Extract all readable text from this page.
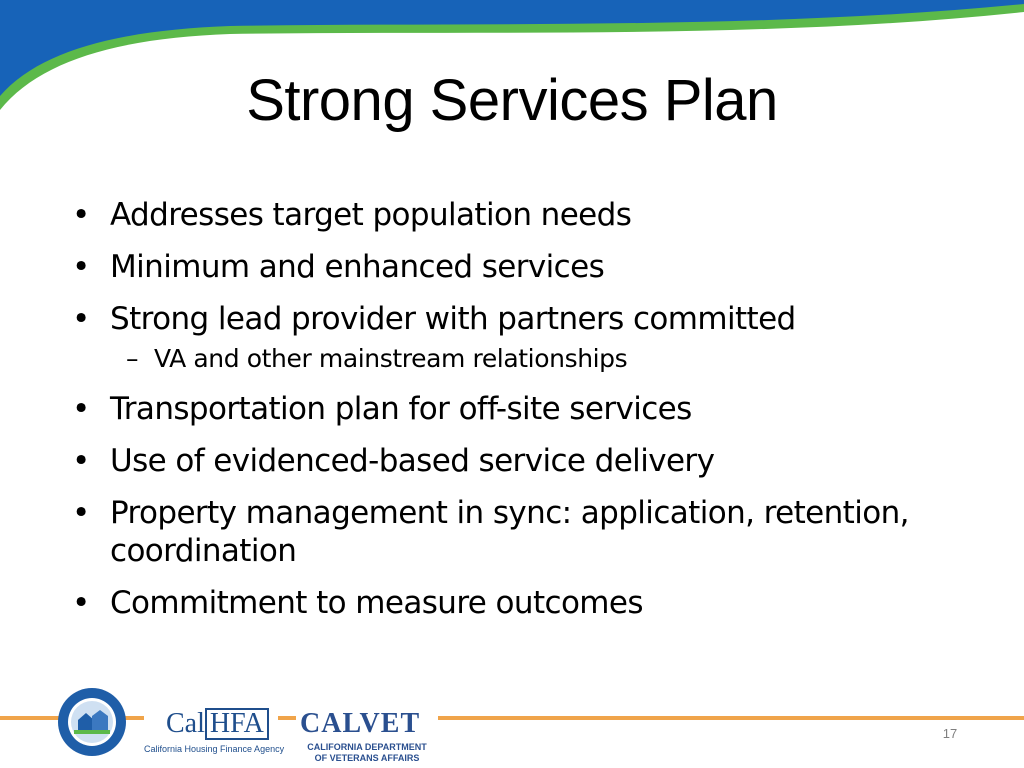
Strong Services Plan
• Addresses target population needs
• Minimum and enhanced services
• Strong lead provider with partners committed
– VA and other mainstream relationships
• Transportation plan for off-site services
• Use of evidenced-based service delivery
• Property management in sync: application, retention, coordination
• Commitment to measure outcomes
Cal HFA
California Housing Finance Agency
CALVET
CALIFORNIA DEPARTMENT
OF VETERANS AFFAIRS
17
